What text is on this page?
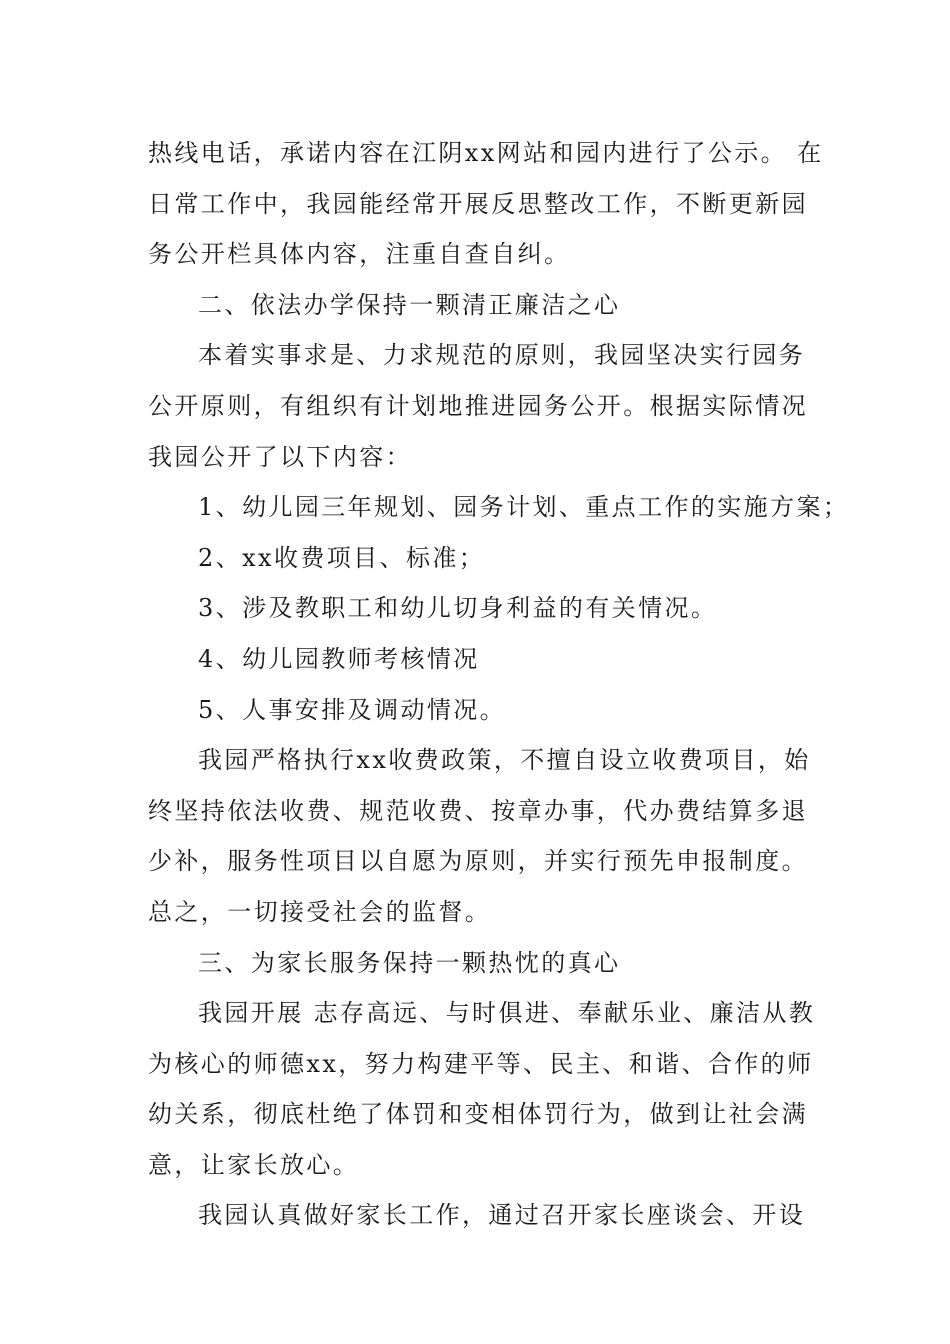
热线电话，承诺内容在江阴xx网站和园内进行了公示。 在
日常工作中，我园能经常开展反思整改工作，不断更新园
务公开栏具体内容，注重自查自纠。
二、依法办学保持一颗清正廉洁之心
本着实事求是、力求规范的原则，我园坚决实行园务
公开原则，有组织有计划地推进园务公开。根据实际情况
我园公开了以下内容：
1、幼儿园三年规划、园务计划、重点工作的实施方案；
2、xx收费项目、标准；
3、涉及教职工和幼儿切身利益的有关情况。
4、幼儿园教师考核情况
5、人事安排及调动情况。
我园严格执行xx收费政策，不擅自设立收费项目，始
终坚持依法收费、规范收费、按章办事，代办费结算多退
少补，服务性项目以自愿为原则，并实行预先申报制度。
总之，一切接受社会的监督。
三、为家长服务保持一颗热忱的真心
我园开展 志存高远、与时俱进、奉献乐业、廉洁从教
为核心的师德xx，努力构建平等、民主、和谐、合作的师
幼关系，彻底杜绝了体罚和变相体罚行为，做到让社会满
意，让家长放心。
我园认真做好家长工作，通过召开家长座谈会、开设
